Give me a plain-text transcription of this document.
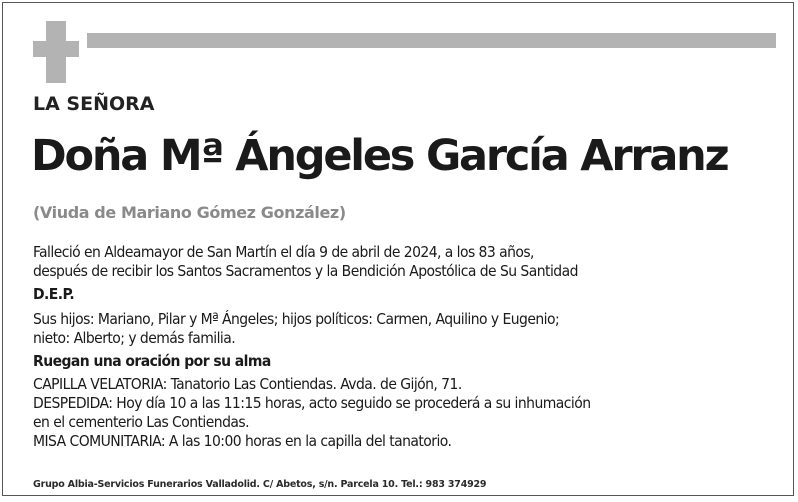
LA SEÑORA
Doña Mª Ángeles García Arranz
(Viuda de Mariano Gómez González)
Falleció en Aldeamayor de San Martín el día 9 de abril de 2024, a los 83 años,
después de recibir los Santos Sacramentos y la Bendición Apostólica de Su Santidad
D.E.P.
Sus hijos: Mariano, Pilar y Mª Ángeles; hijos políticos: Carmen, Aquilino y Eugenio;
nieto: Alberto; y demás familia.
Ruegan una oración por su alma
CAPILLA VELATORIA: Tanatorio Las Contiendas. Avda. de Gijón, 71.
DESPEDIDA: Hoy día 10 a las 11:15 horas, acto seguido se procederá a su inhumación
en el cementerio Las Contiendas.
MISA COMUNITARIA: A las 10:00 horas en la capilla del tanatorio.
Grupo Albia-Servicios Funerarios Valladolid. C/ Abetos, s/n. Parcela 10. Tel.: 983 374929
